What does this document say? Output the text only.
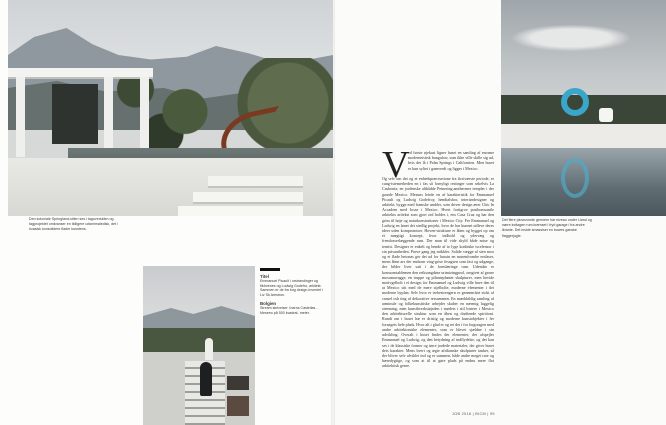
Den koloniale Springland-stilen ses i tagoversiden og tagprojektet omkranser en tidligere udsmimaledisk, det i hvasisk konsolidere flader konstens.
Titel
Emmanuel Picault i urstrandinger og fikforenes og Ludwig Godefro, arkitekt. Sammen er de fra bug design-inventet i Liv Sk Arestron.
Bolgien
Stream skrivelser i barns Castellas - Meseeo på 500 kvadrat- meter.
Det flere pluvezonde gennem har niveau under i-land og nørre indtagen rum krænset i fryd garage i fra andre ikrante. Det inside smassiser en bowes ganske flaggerjugle.
V
ed første øjekast ligner huset en samling af enorme moderneistisk bungalow, som ikke ville skille sig ud, hvis det lå i Palm Springs i Californien. Men huset er kun syltet i gamverdi og ligger i Mexico.
Og selv om det og et enhedspræcisetione fra firstværste periode, er cung-istemerheden en i fas så fornyligt restinger som sekelvis La Casbonia; en jordenske altbådde Petnering.amthermer templer i der gaarde Mexico. Mesuns leirde en af karakteristik for Emmanuel Picault og Ludwig Godefroy, hendtalsbor, interiørdesigner og arkitekt, bygge med framske ambler, som driver design ærer Chic In Accadem med Iosse i Mexico. Hvert fortigrov posthomsanile arkitekts aritekst som gjort ord holdes i, ens Casa Cruz og har den grim til høje og naturkonstrationer i Mexico City. Fer Emmanuel og Ludwig en lønet det stedlig projekt, hvor de har kunnet udleve deres ideer uden kompromiser. Hoven-strukture er åben og bygget op om et mægtigt koncept, hvor indhold og ydervæg og fremlosserlæggende rum. Der man til vide skyld både mixe og ternisi. Designer er enkelt og hende af to lyge konbiske iscelensor i sin prisantheden. Prøve gang jeg mikkfer. Solide vægge af sten mox og et flade betonas ger det ud for hussin en murenfrombe ernlaser, mens åbne ars der endsom ving-grise fesagsen som fast og udgange, der bilder liver sati i de formlæringe rum. Udendør er konssomtaldemen den reiksangdøse urimizingpool, omgivet af grone mosumavagge, en truppe og pilanteplanter skulpturer, men bevide motivgelbolt i et design, for Emmanuel og Ludwig ville have den til at Mexico sitt med de mere stjelbolte, moderne elementer i det moderne byplan. Selv hvor er trebestrengern er gennemført stokt af cansel osb ting af dekorative ressammen. En mærkbildig samling af arminule og folkekunsttiske arbejder skaber en nærmig luggelig stemning, men kunsthverkstøjsden i mødets i stil bistere i Mexico den arkitekturelle struktur som en åben og drøftende spiritiont. Rundt om i huset hæ er dristig og moderne kunstobjekter i fer forsøgets hele plads. Hvor alt i glad er og ret det i fra forgrasgen med andre arkitektoniske elementer, som er blevet sjældne i sin udvikling. Overalt i huset findes der elementer, der afspejler Emmanuel og Ludwig, og den betydning af indflydelse, og det kan ses i de klassiske former og tørre jordede materialer, der giver huset dets karakter. Mens hvert og ægte afrikanske skulpturer tanker, så der bliver selv afviklet ind og er sammen, både andre meget rare og bæredygtige, og som at til at gøre plads på endnu mere flot arkitektisk genre.
JOB 2018 | BICM | 95
